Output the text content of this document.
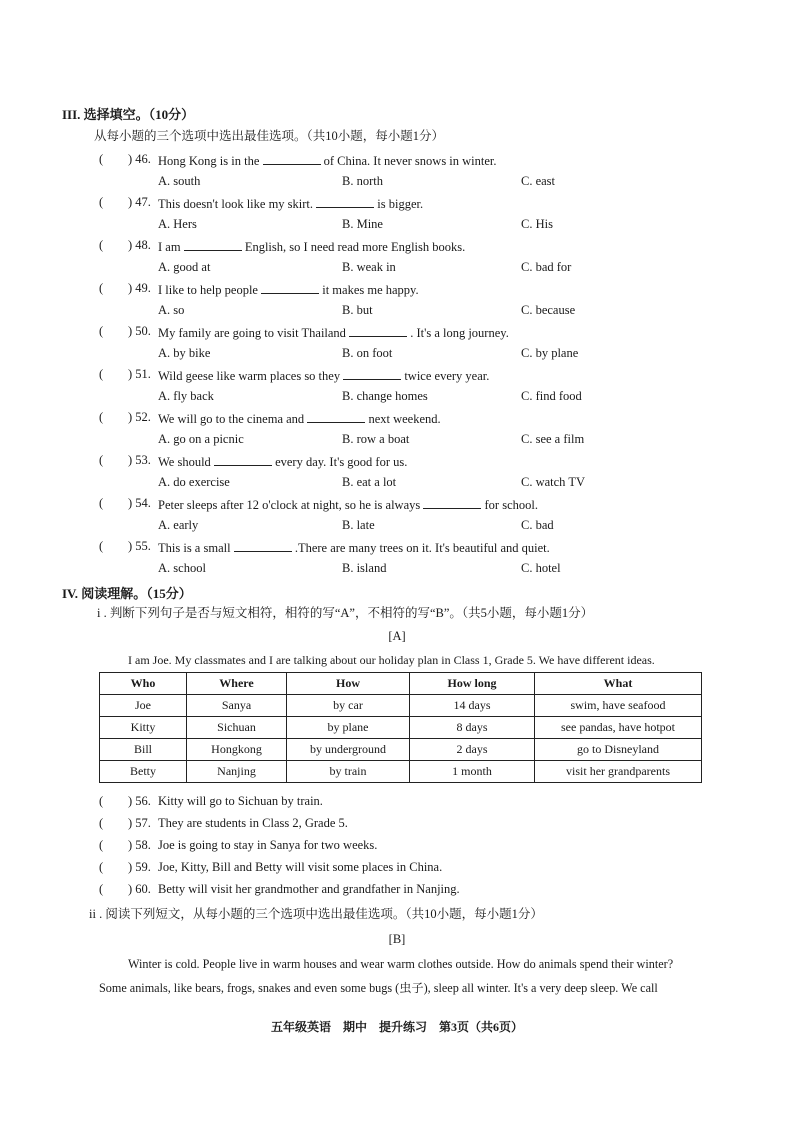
III. 选择填空。（10分）
从每小题的三个选项中选出最佳选项。（共10小题，每小题1分）
( ) 46. Hong Kong is in the	of China. It never snows in winter.
A. south	B. north	C. east
( ) 47. This doesn't look like my skirt.	is bigger.
A. Hers	B. Mine	C. His
( ) 48. I am	English, so I need read more English books.
A. good at	B. weak in	C. bad for
( ) 49. I like to help people	it makes me happy.
A. so	B. but	C. because
( ) 50. My family are going to visit Thailand	. It's a long journey.
A. by bike	B. on foot	C. by plane
( ) 51. Wild geese like warm places so they	twice every year.
A. fly back	B. change homes	C. find food
( ) 52. We will go to the cinema and	next weekend.
A. go on a picnic	B. row a boat	C. see a film
( ) 53. We should	every day. It's good for us.
A. do exercise	B. eat a lot	C. watch TV
( ) 54. Peter sleeps after 12 o'clock at night, so he is always	for school.
A. early	B. late	C. bad
( ) 55. This is a small	.There are many trees on it. It's beautiful and quiet.
A. school	B. island	C. hotel
IV. 阅读理解。（15分）
i . 判断下列句子是否与短文相符，相符的写“A”，不相符的写“B”。（共5小题，每小题1分）
[A]
I am Joe. My classmates and I are talking about our holiday plan in Class 1, Grade 5. We have different ideas.
Who	Where	How	How long	What
Joe	Sanya	by car	14 days	swim, have seafood
Kitty	Sichuan	by plane	8 days	see pandas, have hotpot
Bill	Hongkong	by underground	2 days	go to Disneyland
Betty	Nanjing	by train	1 month	visit her grandparents
( ) 56. Kitty will go to Sichuan by train.
( ) 57. They are students in Class 2, Grade 5.
( ) 58. Joe is going to stay in Sanya for two weeks.
( ) 59. Joe, Kitty, Bill and Betty will visit some places in China.
( ) 60. Betty will visit her grandmother and grandfather in Nanjing.
ii . 阅读下列短文，从每小题的三个选项中选出最佳选项。（共10小题，每小题1分）
[B]
Winter is cold. People live in warm houses and wear warm clothes outside. How do animals spend their winter?
Some animals, like bears, frogs, snakes and even some bugs (虫子), sleep all winter. It's a very deep sleep. We call
五年级英语　期中　提升练习　第3页（共6页）
